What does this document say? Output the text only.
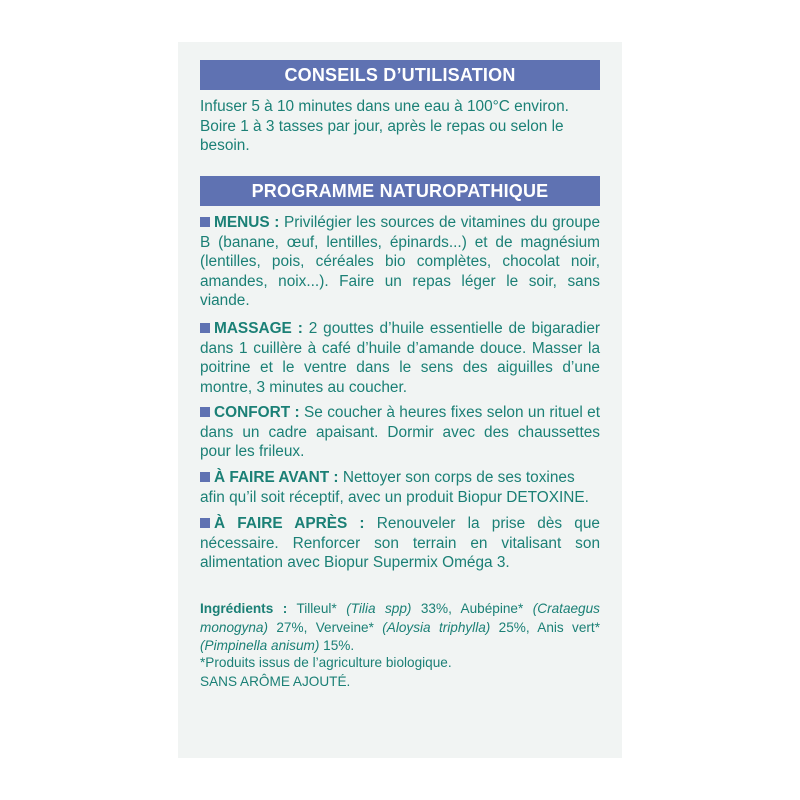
CONSEILS D’UTILISATION
Infuser 5 à 10 minutes dans une eau à 100°C environ. Boire 1 à 3 tasses par jour, après le repas ou selon le besoin.
PROGRAMME NATUROPATHIQUE
MENUS : Privilégier les sources de vitamines du groupe B (banane, œuf, lentilles, épinards...) et de magnésium (lentilles, pois, céréales bio complètes, chocolat noir, amandes, noix...). Faire un repas léger le soir, sans viande.
MASSAGE : 2 gouttes d’huile essentielle de bigaradier dans 1 cuillère à café d’huile d’amande douce. Masser la poitrine et le ventre dans le sens des aiguilles d’une montre, 3 minutes au coucher.
CONFORT : Se coucher à heures fixes selon un rituel et dans un cadre apaisant. Dormir avec des chaussettes pour les frileux.
À FAIRE AVANT : Nettoyer son corps de ses toxines afin qu’il soit réceptif, avec un produit Biopur DETOXINE.
À FAIRE APRÈS : Renouveler la prise dès que nécessaire. Renforcer son terrain en vitalisant son alimentation avec Biopur Supermix Oméga 3.
Ingrédients : Tilleul* (Tilia spp) 33%, Aubépine* (Crataegus monogyna) 27%, Verveine* (Aloysia triphylla) 25%, Anis vert* (Pimpinella anisum) 15%.
*Produits issus de l’agriculture biologique.
SANS ARÔME AJOUTÉ.
